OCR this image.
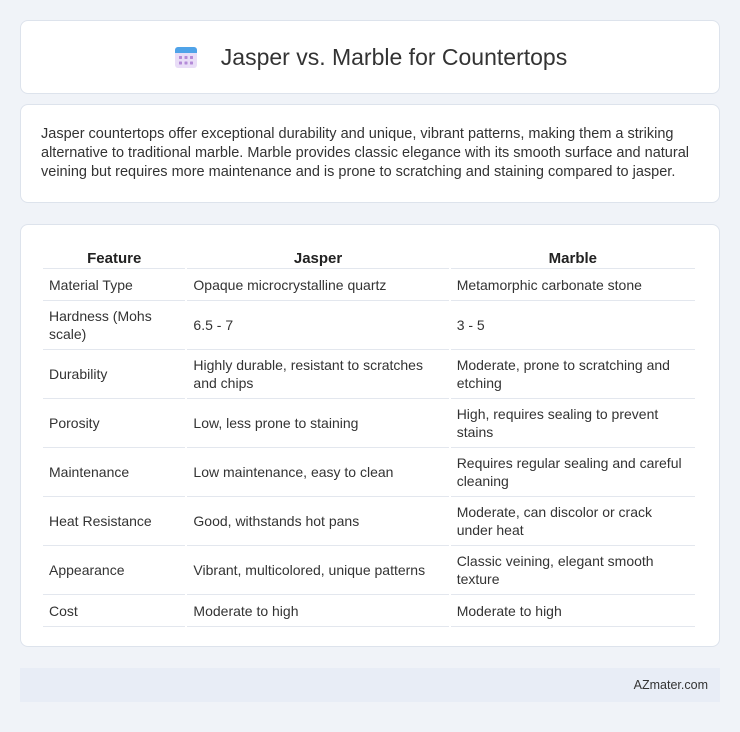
Jasper vs. Marble for Countertops

Jasper countertops offer exceptional durability and unique, vibrant patterns, making them a striking alternative to traditional marble. Marble provides classic elegance with its smooth surface and natural veining but requires more maintenance and is prone to scratching and staining compared to jasper.

Feature	Jasper	Marble
Material Type	Opaque microcrystalline quartz	Metamorphic carbonate stone
Hardness (Mohs scale)	6.5 - 7	3 - 5
Durability	Highly durable, resistant to scratches and chips	Moderate, prone to scratching and etching
Porosity	Low, less prone to staining	High, requires sealing to prevent stains
Maintenance	Low maintenance, easy to clean	Requires regular sealing and careful cleaning
Heat Resistance	Good, withstands hot pans	Moderate, can discolor or crack under heat
Appearance	Vibrant, multicolored, unique patterns	Classic veining, elegant smooth texture
Cost	Moderate to high	Moderate to high
AZmater.com
